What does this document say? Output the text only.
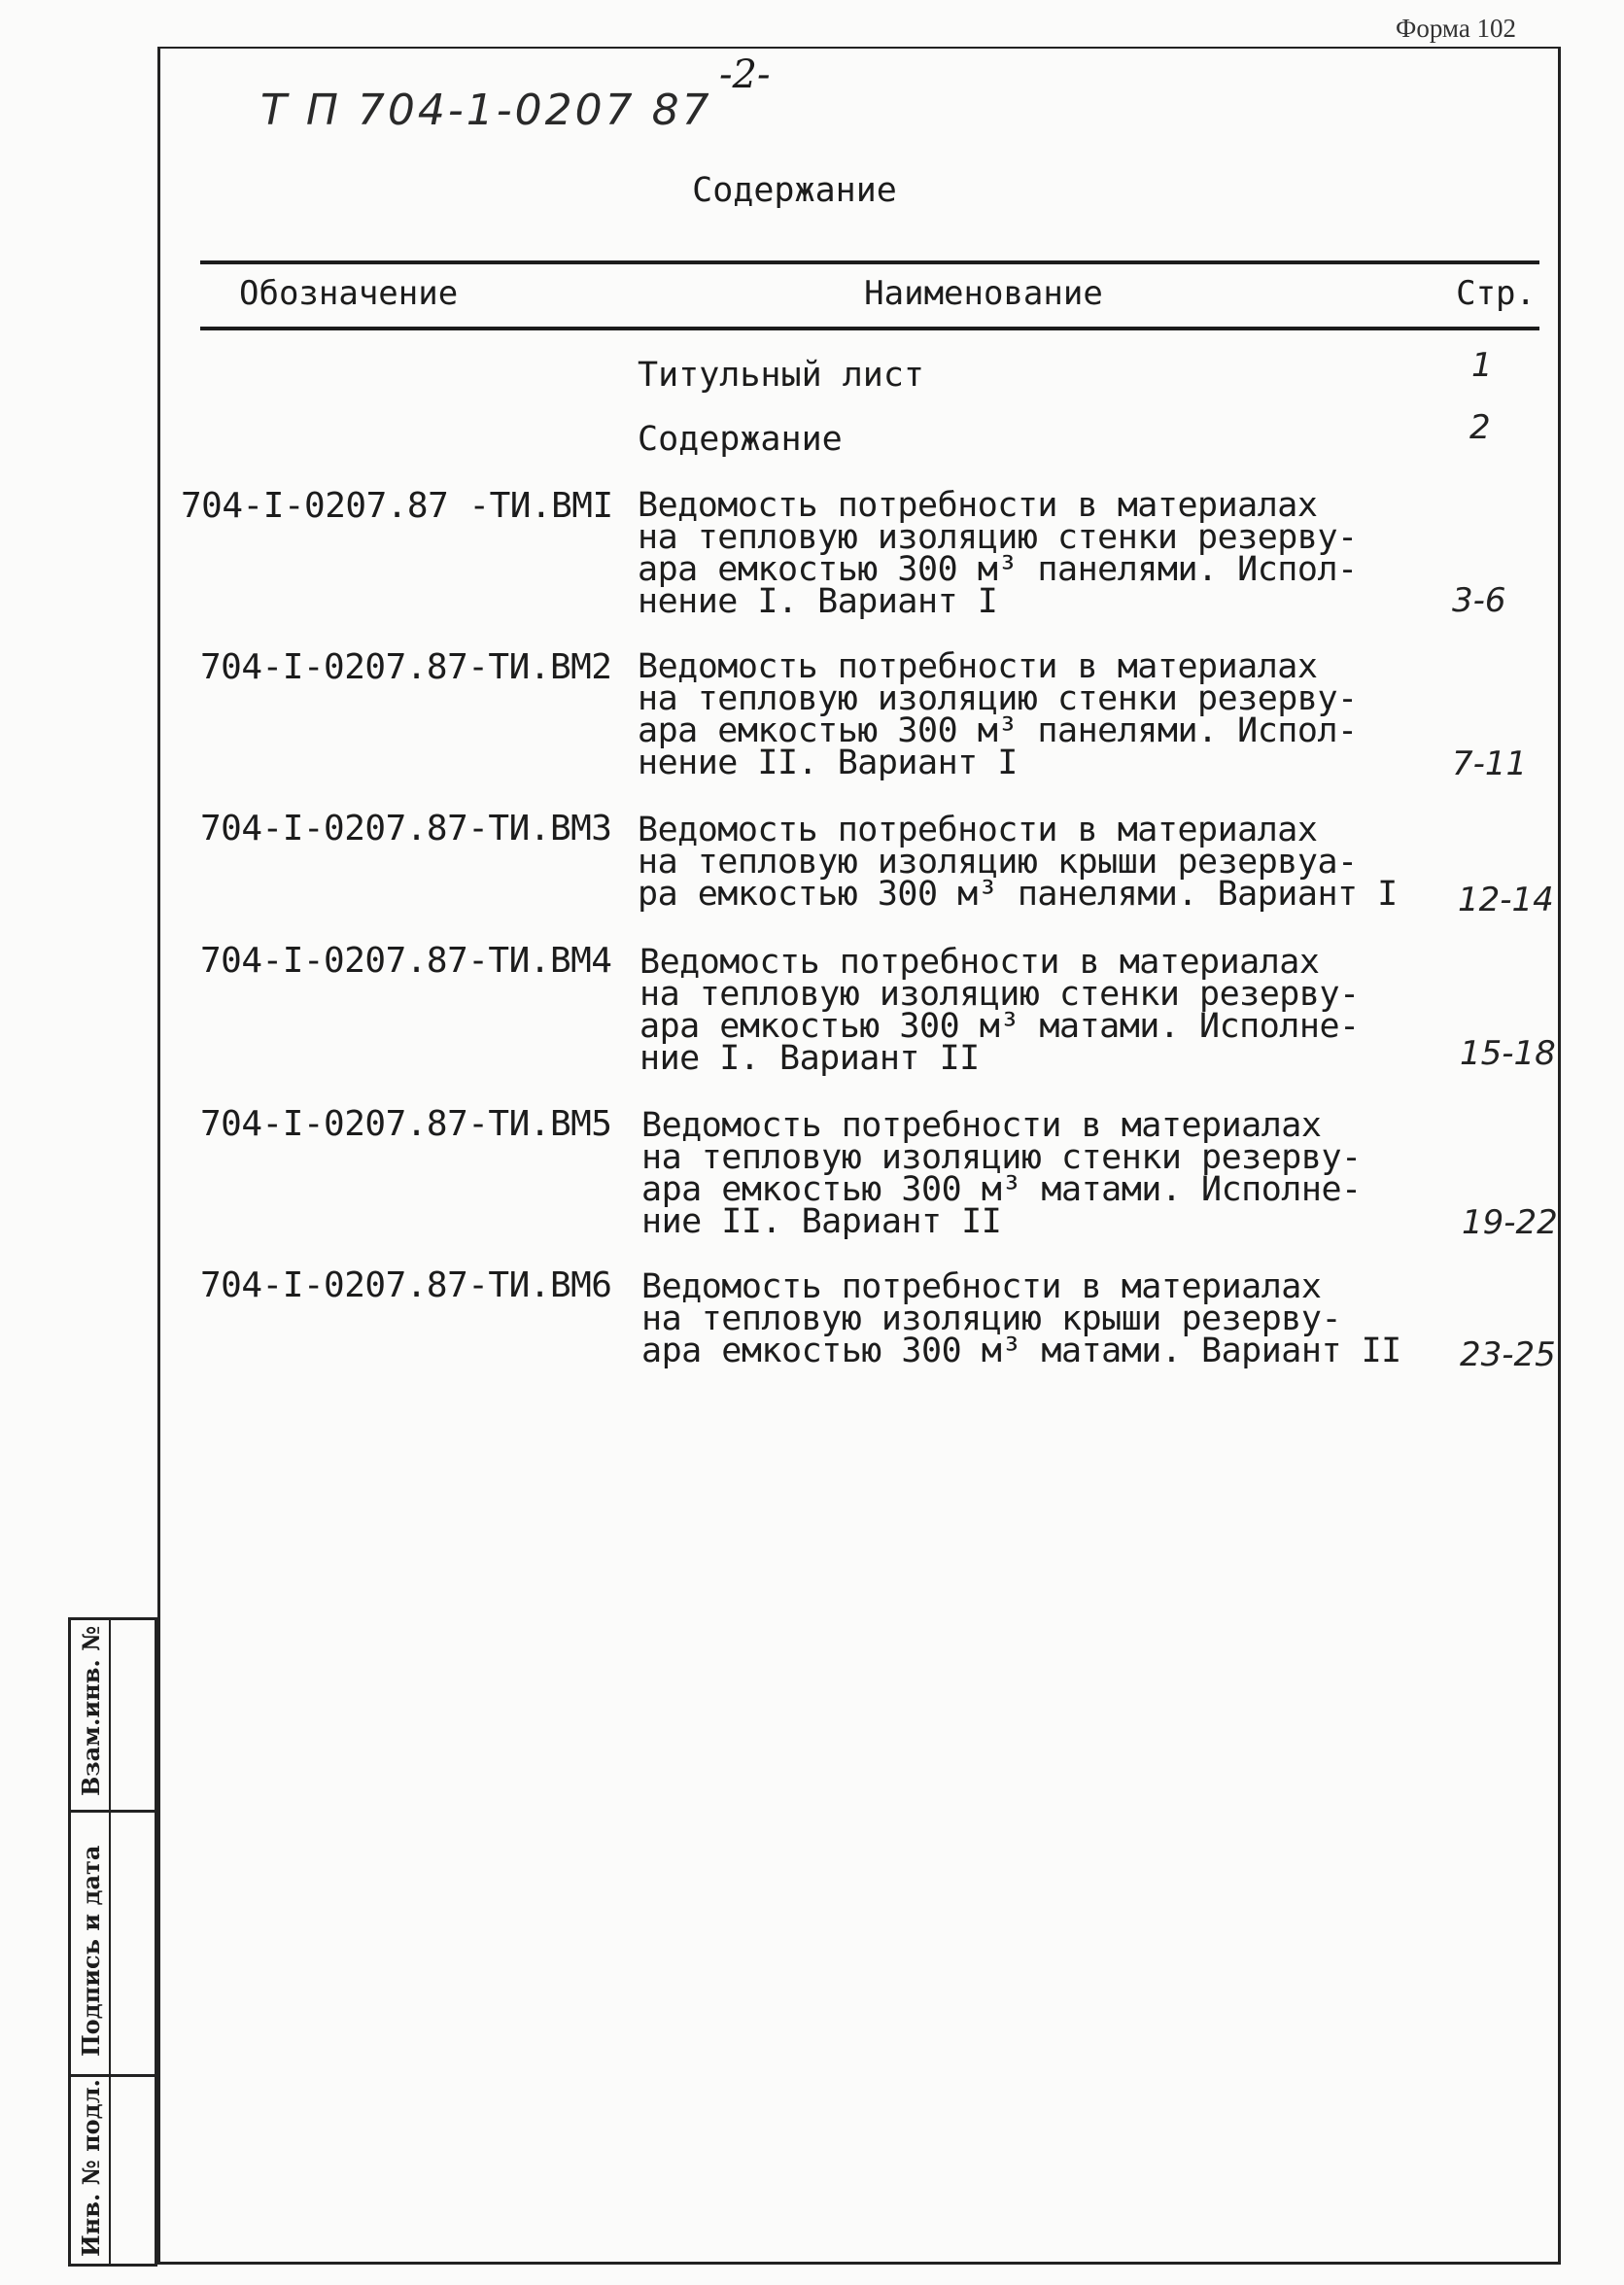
Форма 102
-2-
Т П 704-1-0207 87
Содержание
Обозначение	Наименование	Стр.
Титульный лист	1
Содержание	2
704-I-0207.87 -ТИ.ВМI Ведомость потребности в материалах
на тепловую изоляцию стенки резерву-
ара емкостью 300 м³ панелями. Испол-
нение I. Вариант I	3-6
704-I-0207.87-ТИ.ВМ2 Ведомость потребности в материалах
на тепловую изоляцию стенки резерву-
ара емкостью 300 м³ панелями. Испол-
нение II. Вариант I	7-11
704-I-0207.87-ТИ.ВМ3 Ведомость потребности в материалах
на тепловую изоляцию крыши резервуа-
ра емкостью 300 м³ панелями. Вариант I 12-14
704-I-0207.87-ТИ.ВМ4 Ведомость потребности в материалах
на тепловую изоляцию стенки резерву-
ара емкостью 300 м³ матами. Исполне-
ние I. Вариант II	15-18
704-I-0207.87-ТИ.ВМ5 Ведомость потребности в материалах
на тепловую изоляцию стенки резерву-
ара емкостью 300 м³ матами. Исполне-
ние II. Вариант II	19-22
704-I-0207.87-ТИ.ВМ6 Ведомость потребности в материалах
на тепловую изоляцию крыши резерву-
ара емкостью 300 м³ матами. Вариант II 23-25
Взам.инв. №
Подпись и дата
Инв. № подл.
